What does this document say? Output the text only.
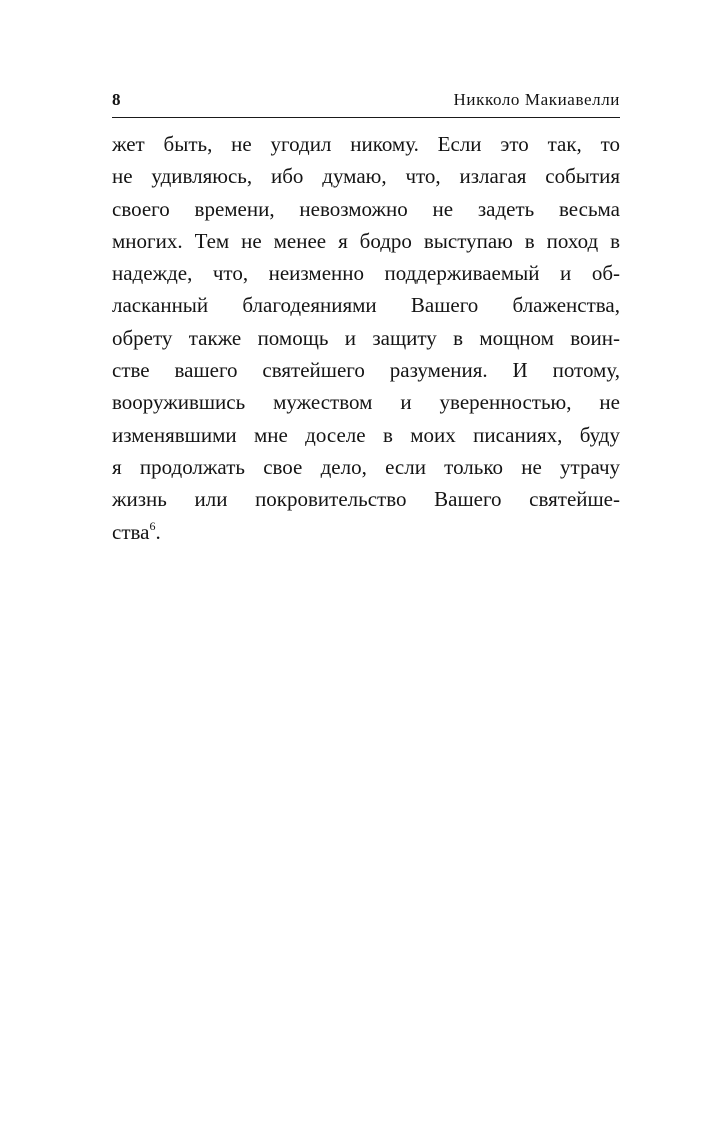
8	Никколо Макиавелли
жет быть, не угодил никому. Если это так, то
не удивляюсь, ибо думаю, что, излагая события
своего времени, невозможно не задеть весьма
многих. Тем не менее я бодро выступаю в поход в
надежде, что, неизменно поддерживаемый и об-
ласканный благодеяниями Вашего блаженства,
обрету также помощь и защиту в мощном воин-
стве вашего святейшего разумения. И потому,
вооружившись мужеством и уверенностью, не
изменявшими мне доселе в моих писаниях, буду
я продолжать свое дело, если только не утрачу
жизнь или покровительство Вашего святейше-
ства$^6$.
